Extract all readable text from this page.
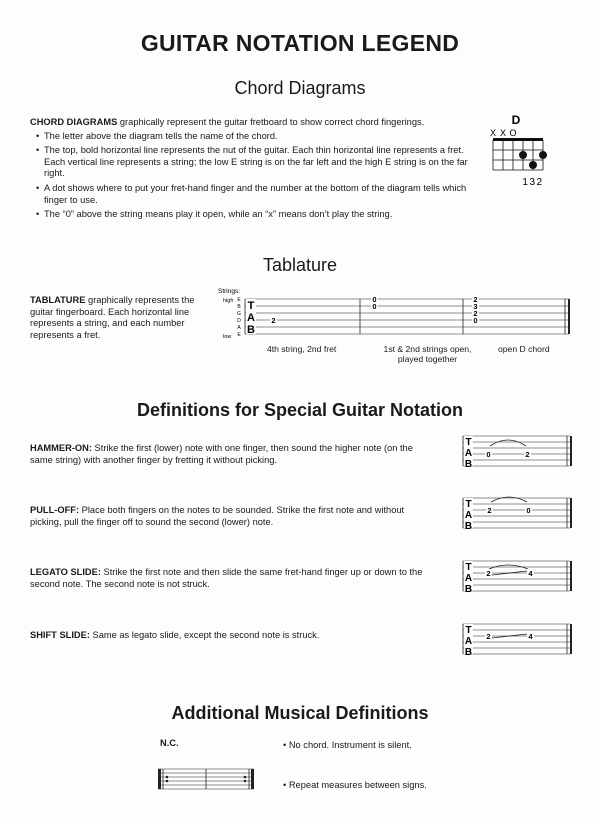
GUITAR NOTATION LEGEND
Chord Diagrams
CHORD DIAGRAMS graphically represent the guitar fretboard to show correct chord fingerings.
• The letter above the diagram tells the name of the chord.
• The top, bold horizontal line represents the nut of the guitar. Each thin horizontal line represents a fret. Each vertical line represents a string; the low E string is on the far left and the high E string is on the far right.
• A dot shows where to put your fret-hand finger and the number at the bottom of the diagram tells which finger to use.
• The “0” above the string means play it open, while an “x” means don’t play the string.
D
X X O
132
Tablature
TABLATURE graphically represents the guitar fingerboard. Each horizontal line represents a string, and each number represents a fret.
Strings:
high
low
E
B
G
D
A
E
T
A
B
2
0
0
2
3
2
0
4th string, 2nd fret	1st & 2nd strings open,
played together
open D chord
Definitions for Special Guitar Notation
HAMMER-ON: Strike the first (lower) note with one finger, then sound the higher note (on the same string) with another finger by fretting it without picking.
T
A
B
0	2
PULL-OFF: Place both fingers on the notes to be sounded. Strike the first note and without picking, pull the finger off to sound the second (lower) note.
T
A
B
2	0
LEGATO SLIDE: Strike the first note and then slide the same fret-hand finger up or down to the second note. The second note is not struck.
T
A
B
2	4
SHIFT SLIDE: Same as legato slide, except the second note is struck.	T
A
B
2	4
Additional Musical Definitions
N.C.	• No chord. Instrument is silent.
• Repeat measures between signs.
